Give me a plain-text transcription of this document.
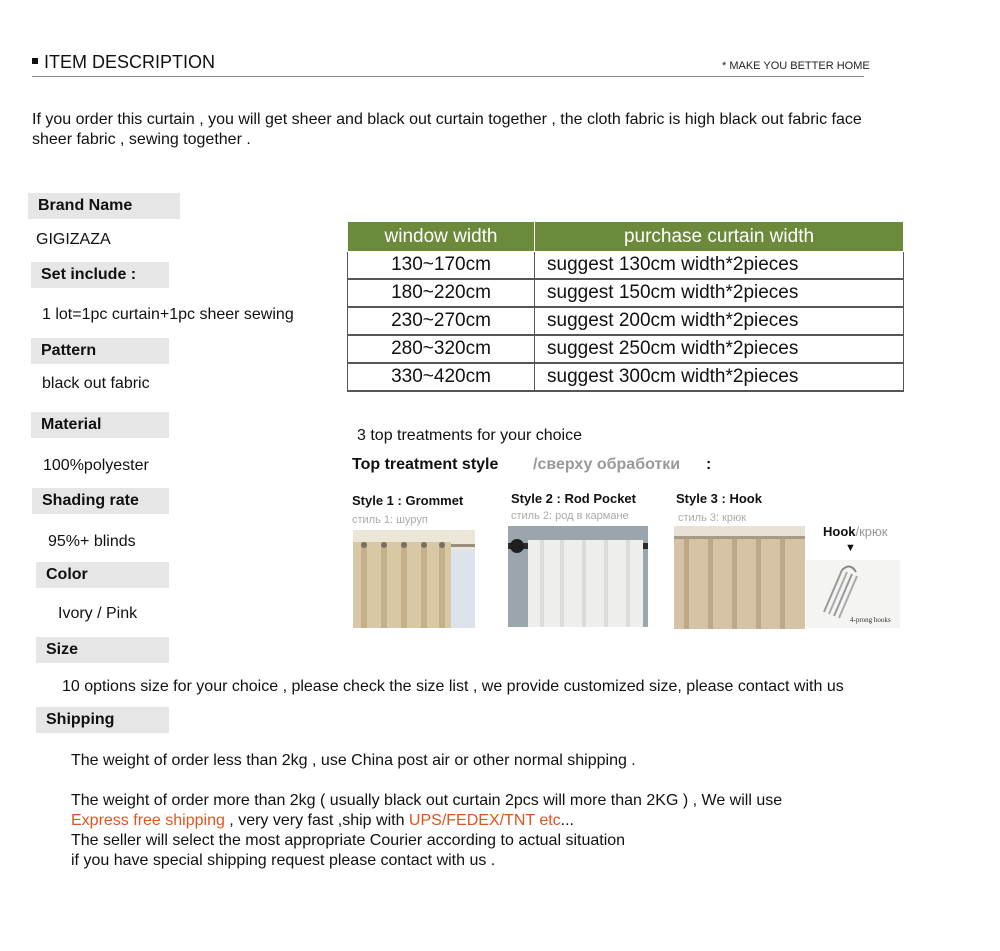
ITEM DESCRIPTION	* MAKE YOU BETTER HOME
If you order this curtain , you will get sheer and black out curtain together , the cloth fabric is high black out fabric face sheer fabric , sewing together .
Brand Name
GIGIZAZA
Set include :
1 lot=1pc curtain+1pc sheer sewing
Pattern
black out fabric
Material
100%polyester
Shading rate
95%+ blinds
Color
Ivory / Pink
Size
10 options size for your choice , please check the size list , we provide customized size, please contact with us
Shipping
window width	purchase curtain width
130~170cm	suggest 130cm width*2pieces
180~220cm	suggest 150cm width*2pieces
230~270cm	suggest 200cm width*2pieces
280~320cm	suggest 250cm width*2pieces
330~420cm	suggest 300cm width*2pieces
3 top treatments for your choice
Top treatment style /сверху обработки :
Style 1 : Grommet
стиль 1: шуруп
Style 2 : Rod Pocket
стиль 2: род в кармане
Style 3 : Hook
стиль 3: крюк
Hook/крюк
▼
4-prong hooks
The weight of order less than 2kg , use China post air or other normal shipping .
The weight of order more than 2kg ( usually black out curtain 2pcs will more than 2KG ) , We will use
Express free shipping , very very fast ,ship with UPS/FEDEX/TNT etc...
The seller will select the most appropriate Courier according to actual situation
if you have special shipping request please contact with us .
